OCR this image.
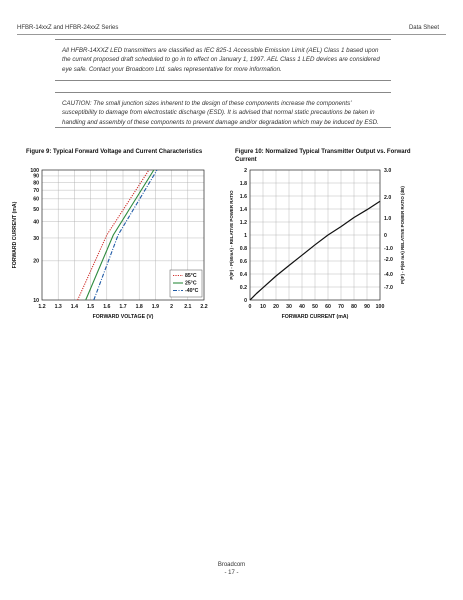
HFBR-14xxZ and HFBR-24xxZ Series	Data Sheet
All HFBR-14XXZ LED transmitters are classified as IEC 825-1 Accessible Emission Limit (AEL) Class 1 based upon the current proposed draft scheduled to go in to effect on January 1, 1997. AEL Class 1 LED devices are considered eye safe. Contact your Broadcom Ltd. sales representative for more information.
CAUTION: The small junction sizes inherent to the design of these components increase the components' susceptibility to damage from electrostatic discharge (ESD). It is advised that normal static precautions be taken in handling and assembly of these components to prevent damage and/or degradation which may be induced by ESD.
Figure 9: Typical Forward Voltage and Current Characteristics	Figure 10: Normalized Typical Transmitter Output vs. Forward Current
1.2 1.3 1.4 1.5 1.6 1.7 1.8 1.9 2 2.1 2.2
10
20
30
40
50
60
70
80
90
100
85°C
25°C
-40°C
FORWARD VOLTAGE (V)
FORWARD CURRENT (mA)
0 10 20 30 40 50 60 70 80 90 100
0
0.2
0.4
0.6
0.8
1
1.2
1.4
1.6
1.8
2	3.0
2.0
1.0
0
-1.0
-2.0
-4.0
-7.0
FORWARD CURRENT (mA)
P(IF) - P(60mA) - RELATIVE POWER RATIO	P(IF) - P(60 mA) RELATIVE POWER RATIO (dB)
Broadcom
- 17 -
